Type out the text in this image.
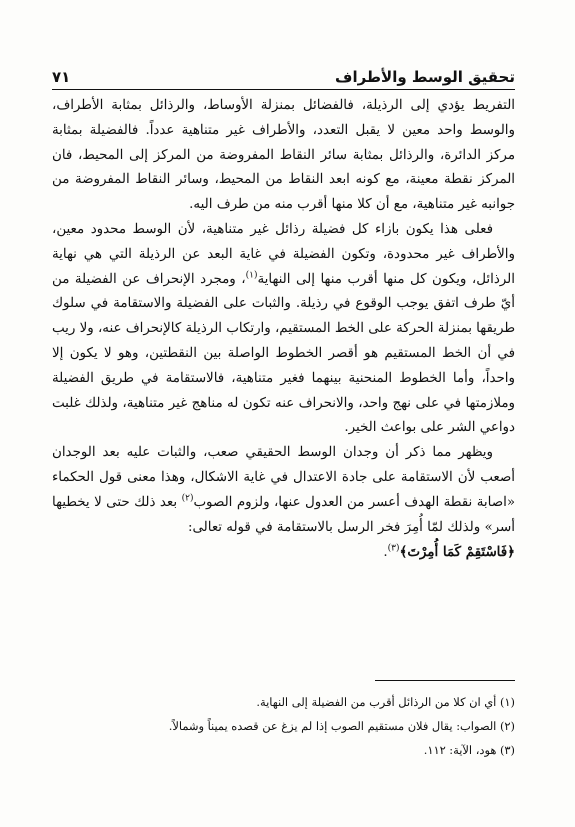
٧١	تحقيق الوسط والأطراف

التفريط يؤدي إلى الرذيلة، فالفضائل بمنزلة الأوساط، والرذائل بمثابة الأطراف، والوسط واحد معين لا يقبل التعدد، والأطراف غير متناهية عدداً. فالفضيلة بمثابة مركز الدائرة، والرذائل بمثابة سائر النقاط المفروضة من المركز إلى المحيط، فان المركز نقطة معينة، مع كونه ابعد النقاط من المحيط، وسائر النقاط المفروضة من جوانبه غير متناهية، مع أن كلا منها أقرب منه من طرف اليه.

فعلى هذا يكون بازاء كل فضيلة رذائل غير متناهية، لأن الوسط محدود معين، والأطراف غير محدودة، وتكون الفضيلة في غاية البعد عن الرذيلة التي هي نهاية الرذائل، ويكون كل منها أقرب منها إلى النهاية$^{(١)}$، ومجرد الإنحراف عن الفضيلة من أيّ طرف اتفق يوجب الوقوع في رذيلة. والثبات على الفضيلة والاستقامة في سلوك طريقها بمنزلة الحركة على الخط المستقيم، وارتكاب الرذيلة كالإنحراف عنه، ولا ريب في أن الخط المستقيم هو أقصر الخطوط الواصلة بين النقطتين، وهو لا يكون إلا واحداً، وأما الخطوط المنحنية بينهما فغير متناهية، فالاستقامة في طريق الفضيلة وملازمتها في على نهج واحد، والانحراف عنه تكون له مناهج غير متناهية، ولذلك غلبت دواعي الشر على بواعث الخير.

ويظهر مما ذكر أن وجدان الوسط الحقيقي صعب، والثبات عليه بعد الوجدان أصعب لأن الاستقامة على جادة الاعتدال في غاية الاشكال، وهذا معنى قول الحكماء «اصابة نقطة الهدف أعسر من العدول عنها، ولزوم الصوب$^{(٢)}$ بعد ذلك حتى لا يخطيها أسر» ولذلك لمّا أُمِرَ فخر الرسل بالاستقامة في قوله تعالى:

﴿فَاسْتَقِمْ كَمَا أُمِرْتَ﴾$^{(٣)}$.

(١) أي ان كلا من الرذائل أقرب من الفضيلة إلى النهاية.

(٢) الصواب: يقال فلان مستقيم الصوب إذا لم يزغ عن قصده يميناً وشمالاً.

(٣) هود، الآية: ١١٢.
